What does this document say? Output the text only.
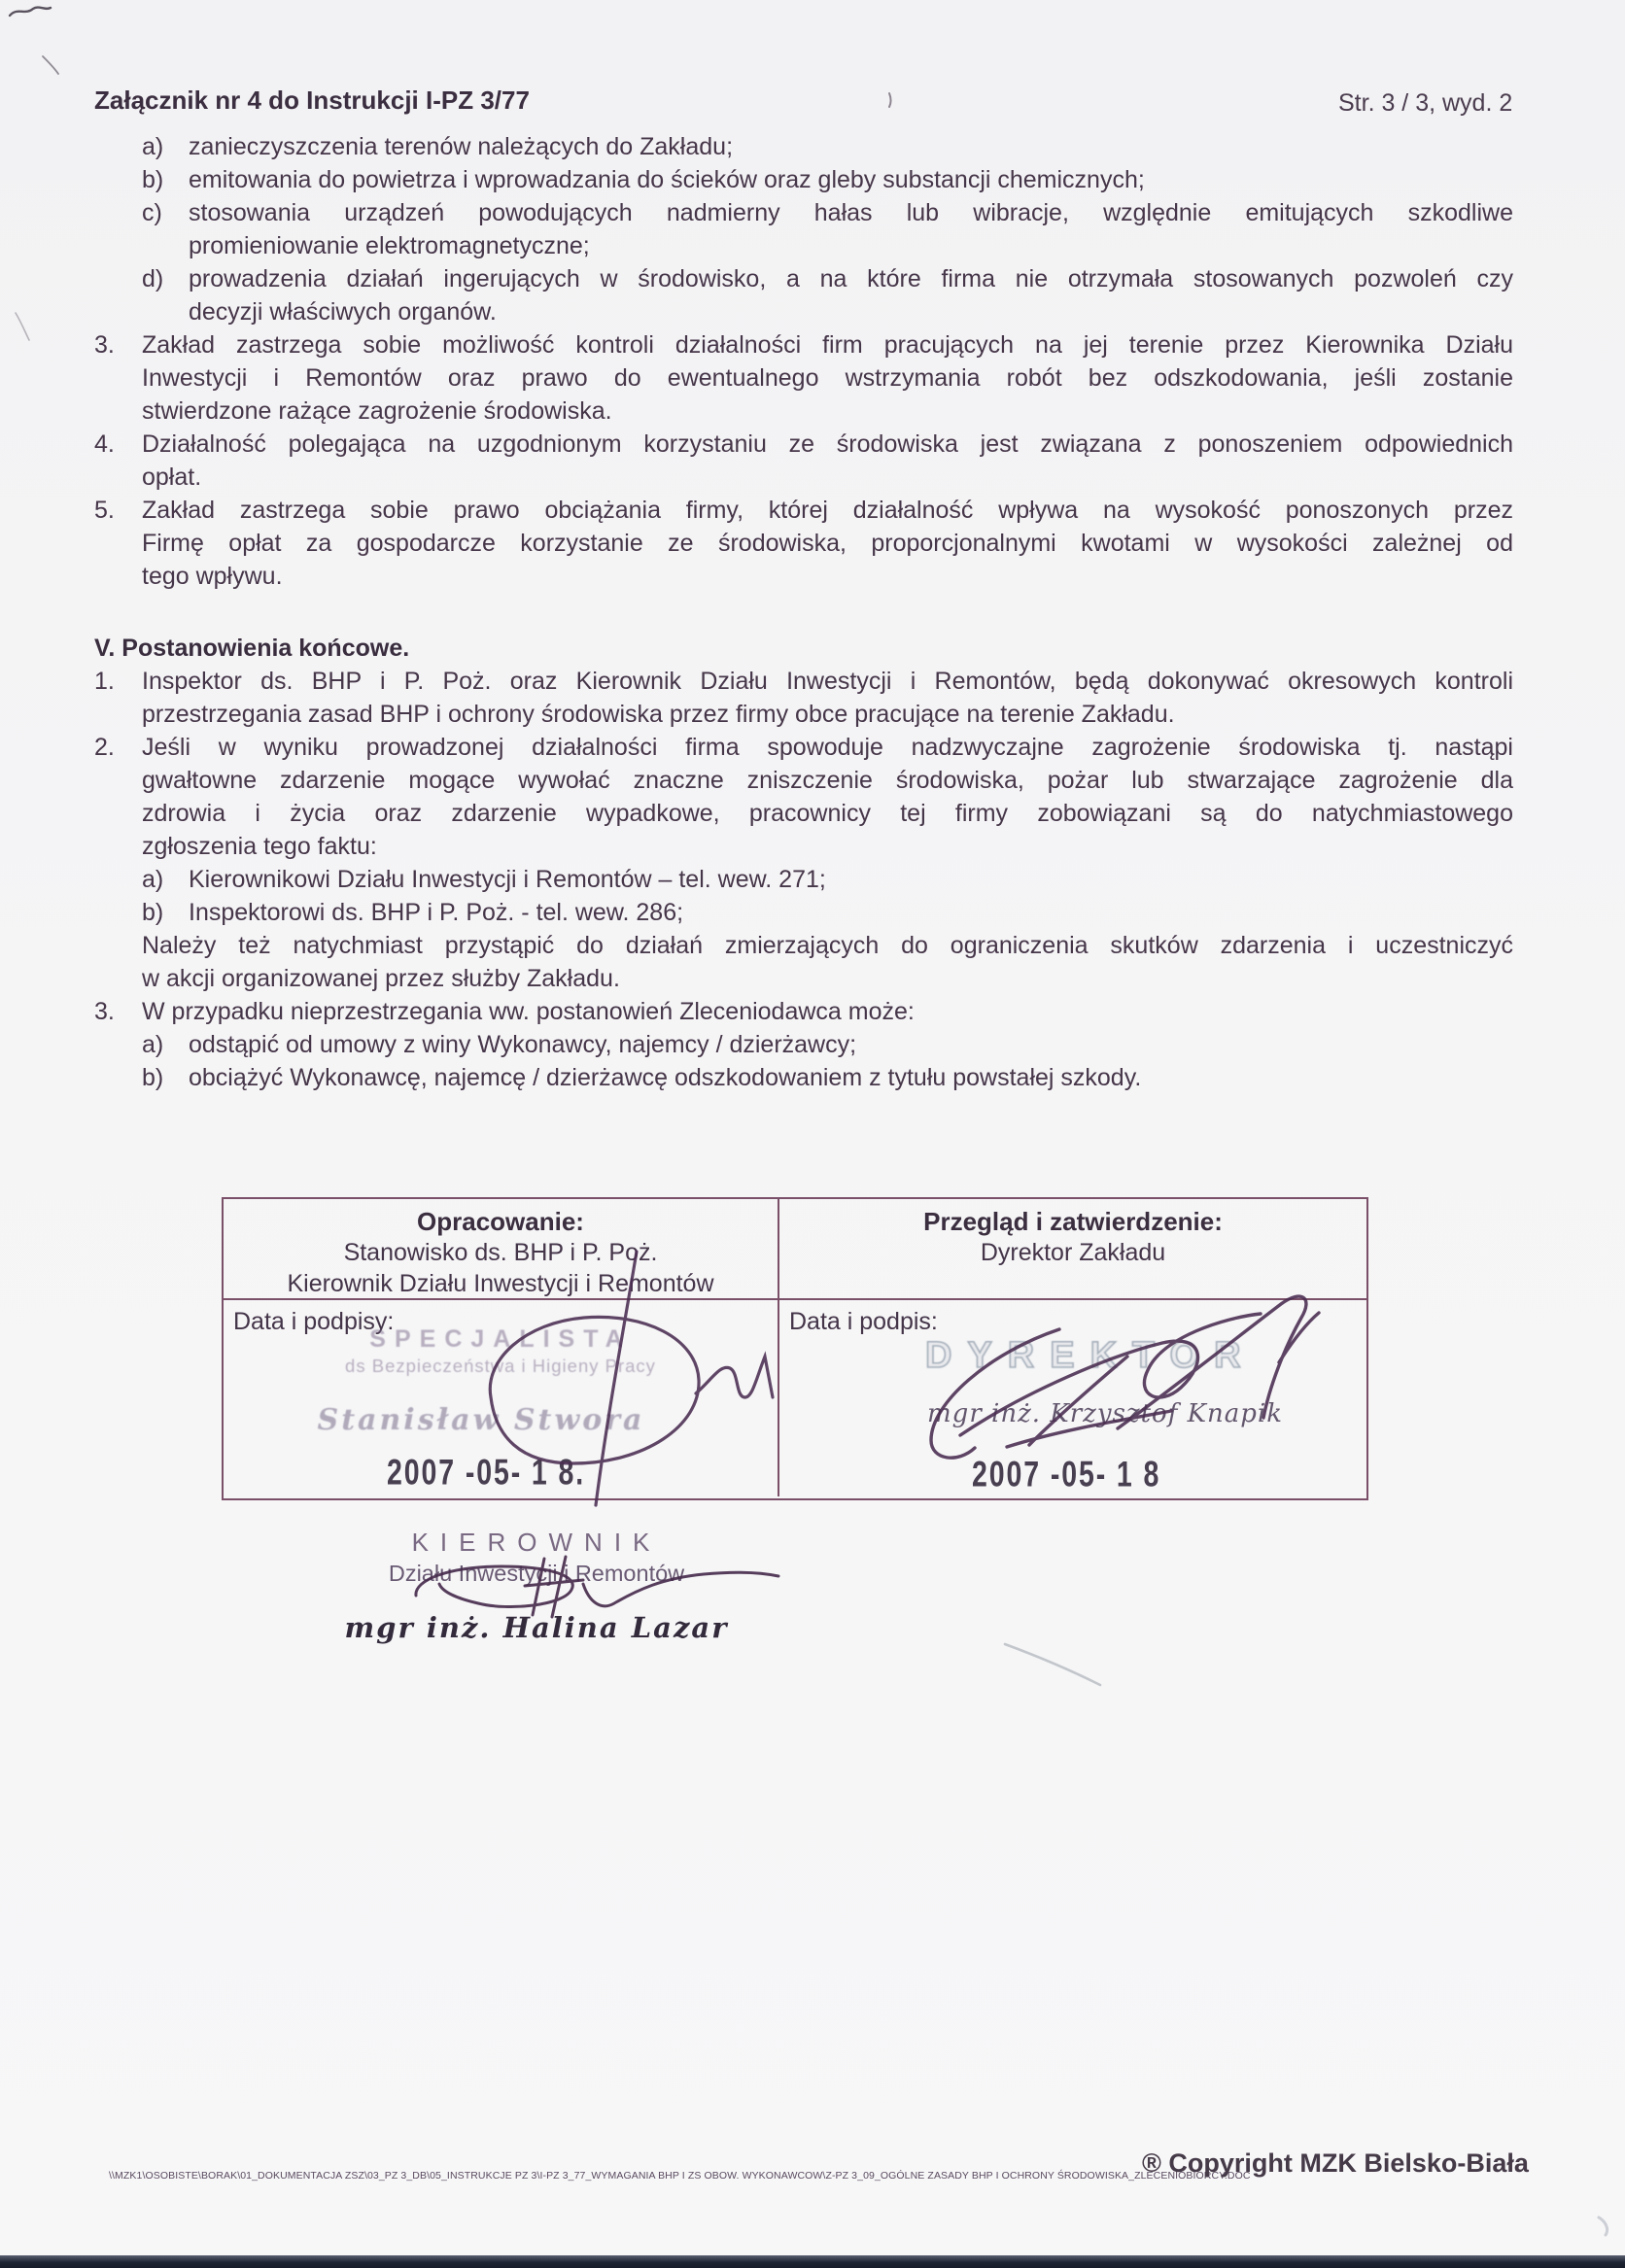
Załącznik nr 4 do Instrukcji I-PZ 3/77	Str. 3 / 3, wyd. 2
a) zanieczyszczenia terenów należących do Zakładu;
b) emitowania do powietrza i wprowadzania do ścieków oraz gleby substancji chemicznych;
c) stosowania urządzeń powodujących nadmierny hałas lub wibracje, względnie emitujących szkodliwe
promieniowanie elektromagnetyczne;
d) prowadzenia działań ingerujących w środowisko, a na które firma nie otrzymała stosowanych pozwoleń czy
decyzji właściwych organów.
3. Zakład zastrzega sobie możliwość kontroli działalności firm pracujących na jej terenie przez Kierownika Działu
Inwestycji i Remontów oraz prawo do ewentualnego wstrzymania robót bez odszkodowania, jeśli zostanie
stwierdzone rażące zagrożenie środowiska.
4. Działalność polegająca na uzgodnionym korzystaniu ze środowiska jest związana z ponoszeniem odpowiednich
opłat.
5. Zakład zastrzega sobie prawo obciążania firmy, której działalność wpływa na wysokość ponoszonych przez
Firmę opłat za gospodarcze korzystanie ze środowiska, proporcjonalnymi kwotami w wysokości zależnej od
tego wpływu.
V. Postanowienia końcowe.
1. Inspektor ds. BHP i P. Poż. oraz Kierownik Działu Inwestycji i Remontów, będą dokonywać okresowych kontroli
przestrzegania zasad BHP i ochrony środowiska przez firmy obce pracujące na terenie Zakładu.
2. Jeśli w wyniku prowadzonej działalności firma spowoduje nadzwyczajne zagrożenie środowiska tj. nastąpi
gwałtowne zdarzenie mogące wywołać znaczne zniszczenie środowiska, pożar lub stwarzające zagrożenie dla
zdrowia i życia oraz zdarzenie wypadkowe, pracownicy tej firmy zobowiązani są do natychmiastowego
zgłoszenia tego faktu:
a) Kierownikowi Działu Inwestycji i Remontów – tel. wew. 271;
b) Inspektorowi ds. BHP i P. Poż. - tel. wew. 286;
Należy też natychmiast przystąpić do działań zmierzających do ograniczenia skutków zdarzenia i uczestniczyć
w akcji organizowanej przez służby Zakładu.
3. W przypadku nieprzestrzegania ww. postanowień Zleceniodawca może:
a) odstąpić od umowy z winy Wykonawcy, najemcy / dzierżawcy;
b) obciążyć Wykonawcę, najemcę / dzierżawcę odszkodowaniem z tytułu powstałej szkody.
Opracowanie:
Stanowisko ds. BHP i P. Poż.
Kierownik Działu Inwestycji i Remontów
Przegląd i zatwierdzenie:
Dyrektor Zakładu
Data i podpisy:
SPECJALISTA
ds Bezpieczeństwa i Higieny Pracy
Stanisław Stwora
2007 -05- 1 8.
Data i podpis:
DYREKTOR
mgr inż. Krzysztof Knapik
2007 -05- 1 8
KIEROWNIK
Działu Inwestycji i Remontów
mgr inż. Halina Lazar
\\MZK1\OSOBISTE\BORAK\01_DOKUMENTACJA ZSZ\03_PZ 3_DB\05_INSTRUKCJE PZ 3\I-PZ 3_77_WYMAGANIA BHP I ZS OBOW. WYKONAWCOW\Z-PZ 3_09_OGÓLNE ZASADY BHP I OCHRONY ŚRODOWISKA_ZLECENIOBIORCY.DOC
® Copyright MZK Bielsko-Biała
